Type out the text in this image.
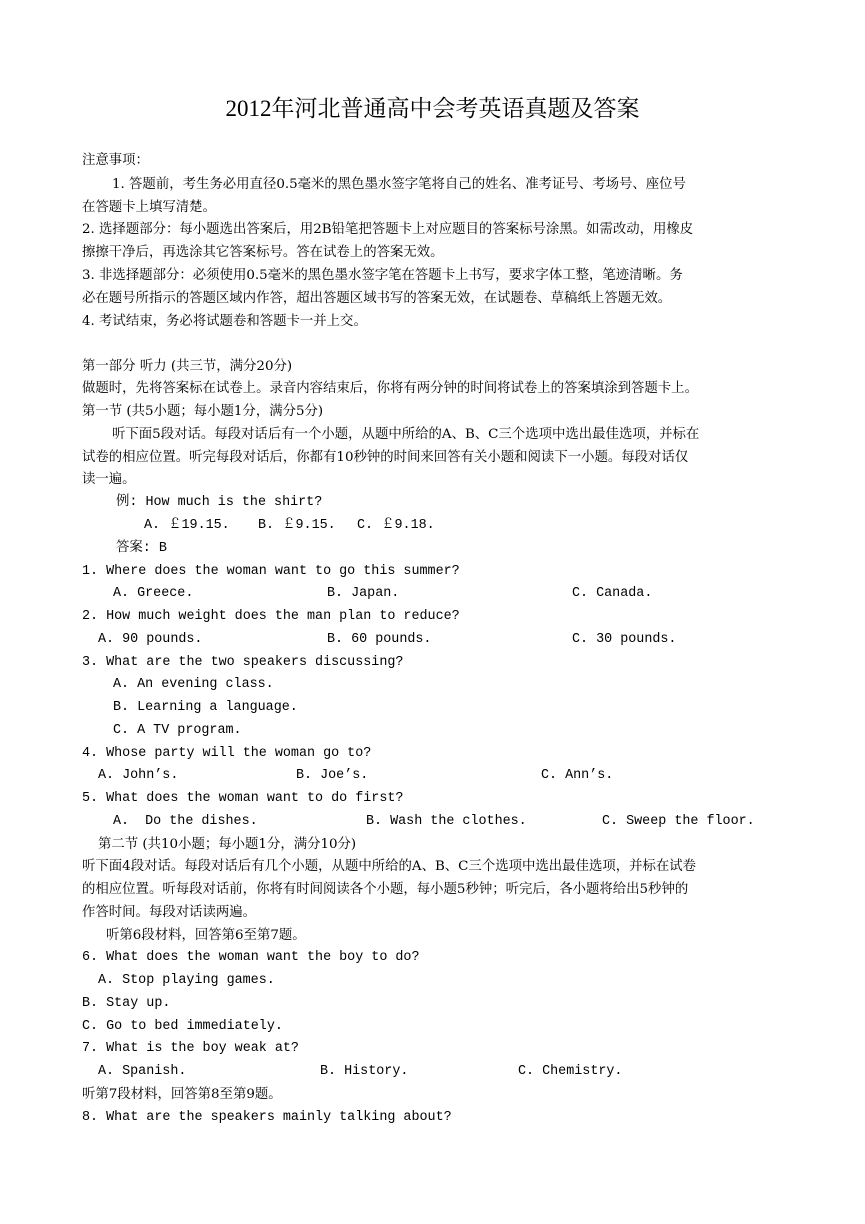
2012年河北普通高中会考英语真题及答案
注意事项：
1. 答题前，考生务必用直径0.5毫米的黑色墨水签字笔将自己的姓名、准考证号、考场号、座位号
在答题卡上填写清楚。
2. 选择题部分：每小题选出答案后，用2B铅笔把答题卡上对应题目的答案标号涂黑。如需改动，用橡皮
擦擦干净后，再选涂其它答案标号。答在试卷上的答案无效。
3. 非选择题部分：必须使用0.5毫米的黑色墨水签字笔在答题卡上书写，要求字体工整，笔迹清晰。务
必在题号所指示的答题区域内作答，超出答题区域书写的答案无效，在试题卷、草稿纸上答题无效。
4. 考试结束，务必将试题卷和答题卡一并上交。
第一部分 听力 (共三节，满分20分)
做题时，先将答案标在试卷上。录音内容结束后，你将有两分钟的时间将试卷上的答案填涂到答题卡上。
第一节 (共5小题；每小题1分，满分5分)
听下面5段对话。每段对话后有一个小题，从题中所给的A、B、C三个选项中选出最佳选项，并标在
试卷的相应位置。听完每段对话后，你都有10秒钟的时间来回答有关小题和阅读下一小题。每段对话仅
读一遍。
例: How much is the shirt?
A. ￡19.15. B. ￡9.15. C. ￡9.18.
答案: B
1. Where does the woman want to go this summer?
A. Greece.	B. Japan.	C. Canada.
2. How much weight does the man plan to reduce?
A. 90 pounds.	B. 60 pounds.	C. 30 pounds.
3. What are the two speakers discussing?
A. An evening class.
B. Learning a language.
C. A TV program.
4. Whose party will the woman go to?
A. John’s.	B. Joe’s.	C. Ann’s.
5. What does the woman want to do first?
A.  Do the dishes.	B. Wash the clothes.	C. Sweep the floor.
第二节 (共10小题；每小题1分，满分10分)
听下面4段对话。每段对话后有几个小题，从题中所给的A、B、C三个选项中选出最佳选项，并标在试卷
的相应位置。听每段对话前，你将有时间阅读各个小题，每小题5秒钟；听完后，各小题将给出5秒钟的
作答时间。每段对话读两遍。
听第6段材料，回答第6至第7题。
6. What does the woman want the boy to do?
A. Stop playing games.
B. Stay up.
C. Go to bed immediately.
7. What is the boy weak at?
A. Spanish.	B. History.	C. Chemistry.
听第7段材料，回答第8至第9题。
8. What are the speakers mainly talking about?
